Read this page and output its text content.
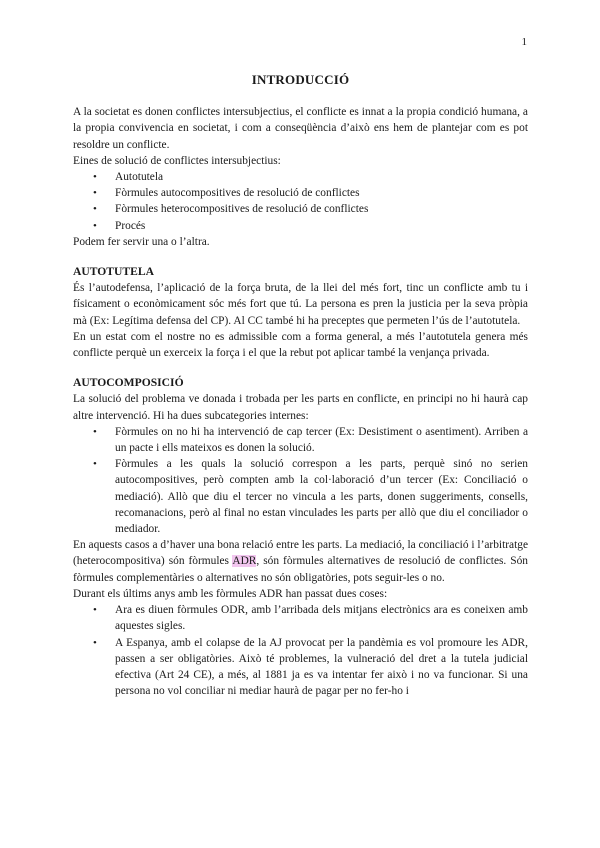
1
INTRODUCCIÓ

A la societat es donen conflictes intersubjectius, el conflicte es innat a la propia condició humana, a la propia convivencia en societat, i com a conseqüència d’això ens hem de plantejar com es pot resoldre un conflicte.

Eines de solució de conflictes intersubjectius:

• Autotutela
• Fòrmules autocompositives de resolució de conflictes
• Fòrmules heterocompositives de resolució de conflictes
• Procés

Podem fer servir una o l’altra.

AUTOTUTELA

És l’autodefensa, l’aplicació de la força bruta, de la llei del més fort, tinc un conflicte amb tu i físicament o econòmicament sóc més fort que tú. La persona es pren la justicia per la seva pròpia mà (Ex: Legítima defensa del CP). Al CC també hi ha preceptes que permeten l’ús de l’autotutela.

En un estat com el nostre no es admissible com a forma general, a més l’autotutela genera més conflicte perquè un exerceix la força i el que la rebut pot aplicar també la venjança privada.

AUTOCOMPOSICIÓ

La solució del problema ve donada i trobada per les parts en conflicte, en principi no hi haurà cap altre intervenció. Hi ha dues subcategories internes:

• Fòrmules on no hi ha intervenció de cap tercer (Ex: Desistiment o asentiment). Arriben a un pacte i ells mateixos es donen la solució.
• Fòrmules a les quals la solució correspon a les parts, perquè sinó no serien autocompositives, però compten amb la col·laboració d’un tercer (Ex: Conciliació o mediació). Allò que diu el tercer no vincula a les parts, donen suggeriments, consells, recomanacions, però al final no estan vinculades les parts per allò que diu el conciliador o mediador.

En aquests casos a d’haver una bona relació entre les parts. La mediació, la conciliació i l’arbitratge (heterocompositiva) són fòrmules ADR, són fòrmules alternatives de resolució de conflictes. Són fòrmules complementàries o alternatives no són obligatòries, pots seguir-les o no.

Durant els últims anys amb les fòrmules ADR han passat dues coses:

• Ara es diuen fòrmules ODR, amb l’arribada dels mitjans electrònics ara es coneixen amb aquestes sigles.
• A Espanya, amb el colapse de la AJ provocat per la pandèmia es vol promoure les ADR, passen a ser obligatòries. Això té problemes, la vulneració del dret a la tutela judicial efectiva (Art 24 CE), a més, al 1881 ja es va intentar fer això i no va funcionar. Si una persona no vol conciliar ni mediar haurà de pagar per no fer-ho i
